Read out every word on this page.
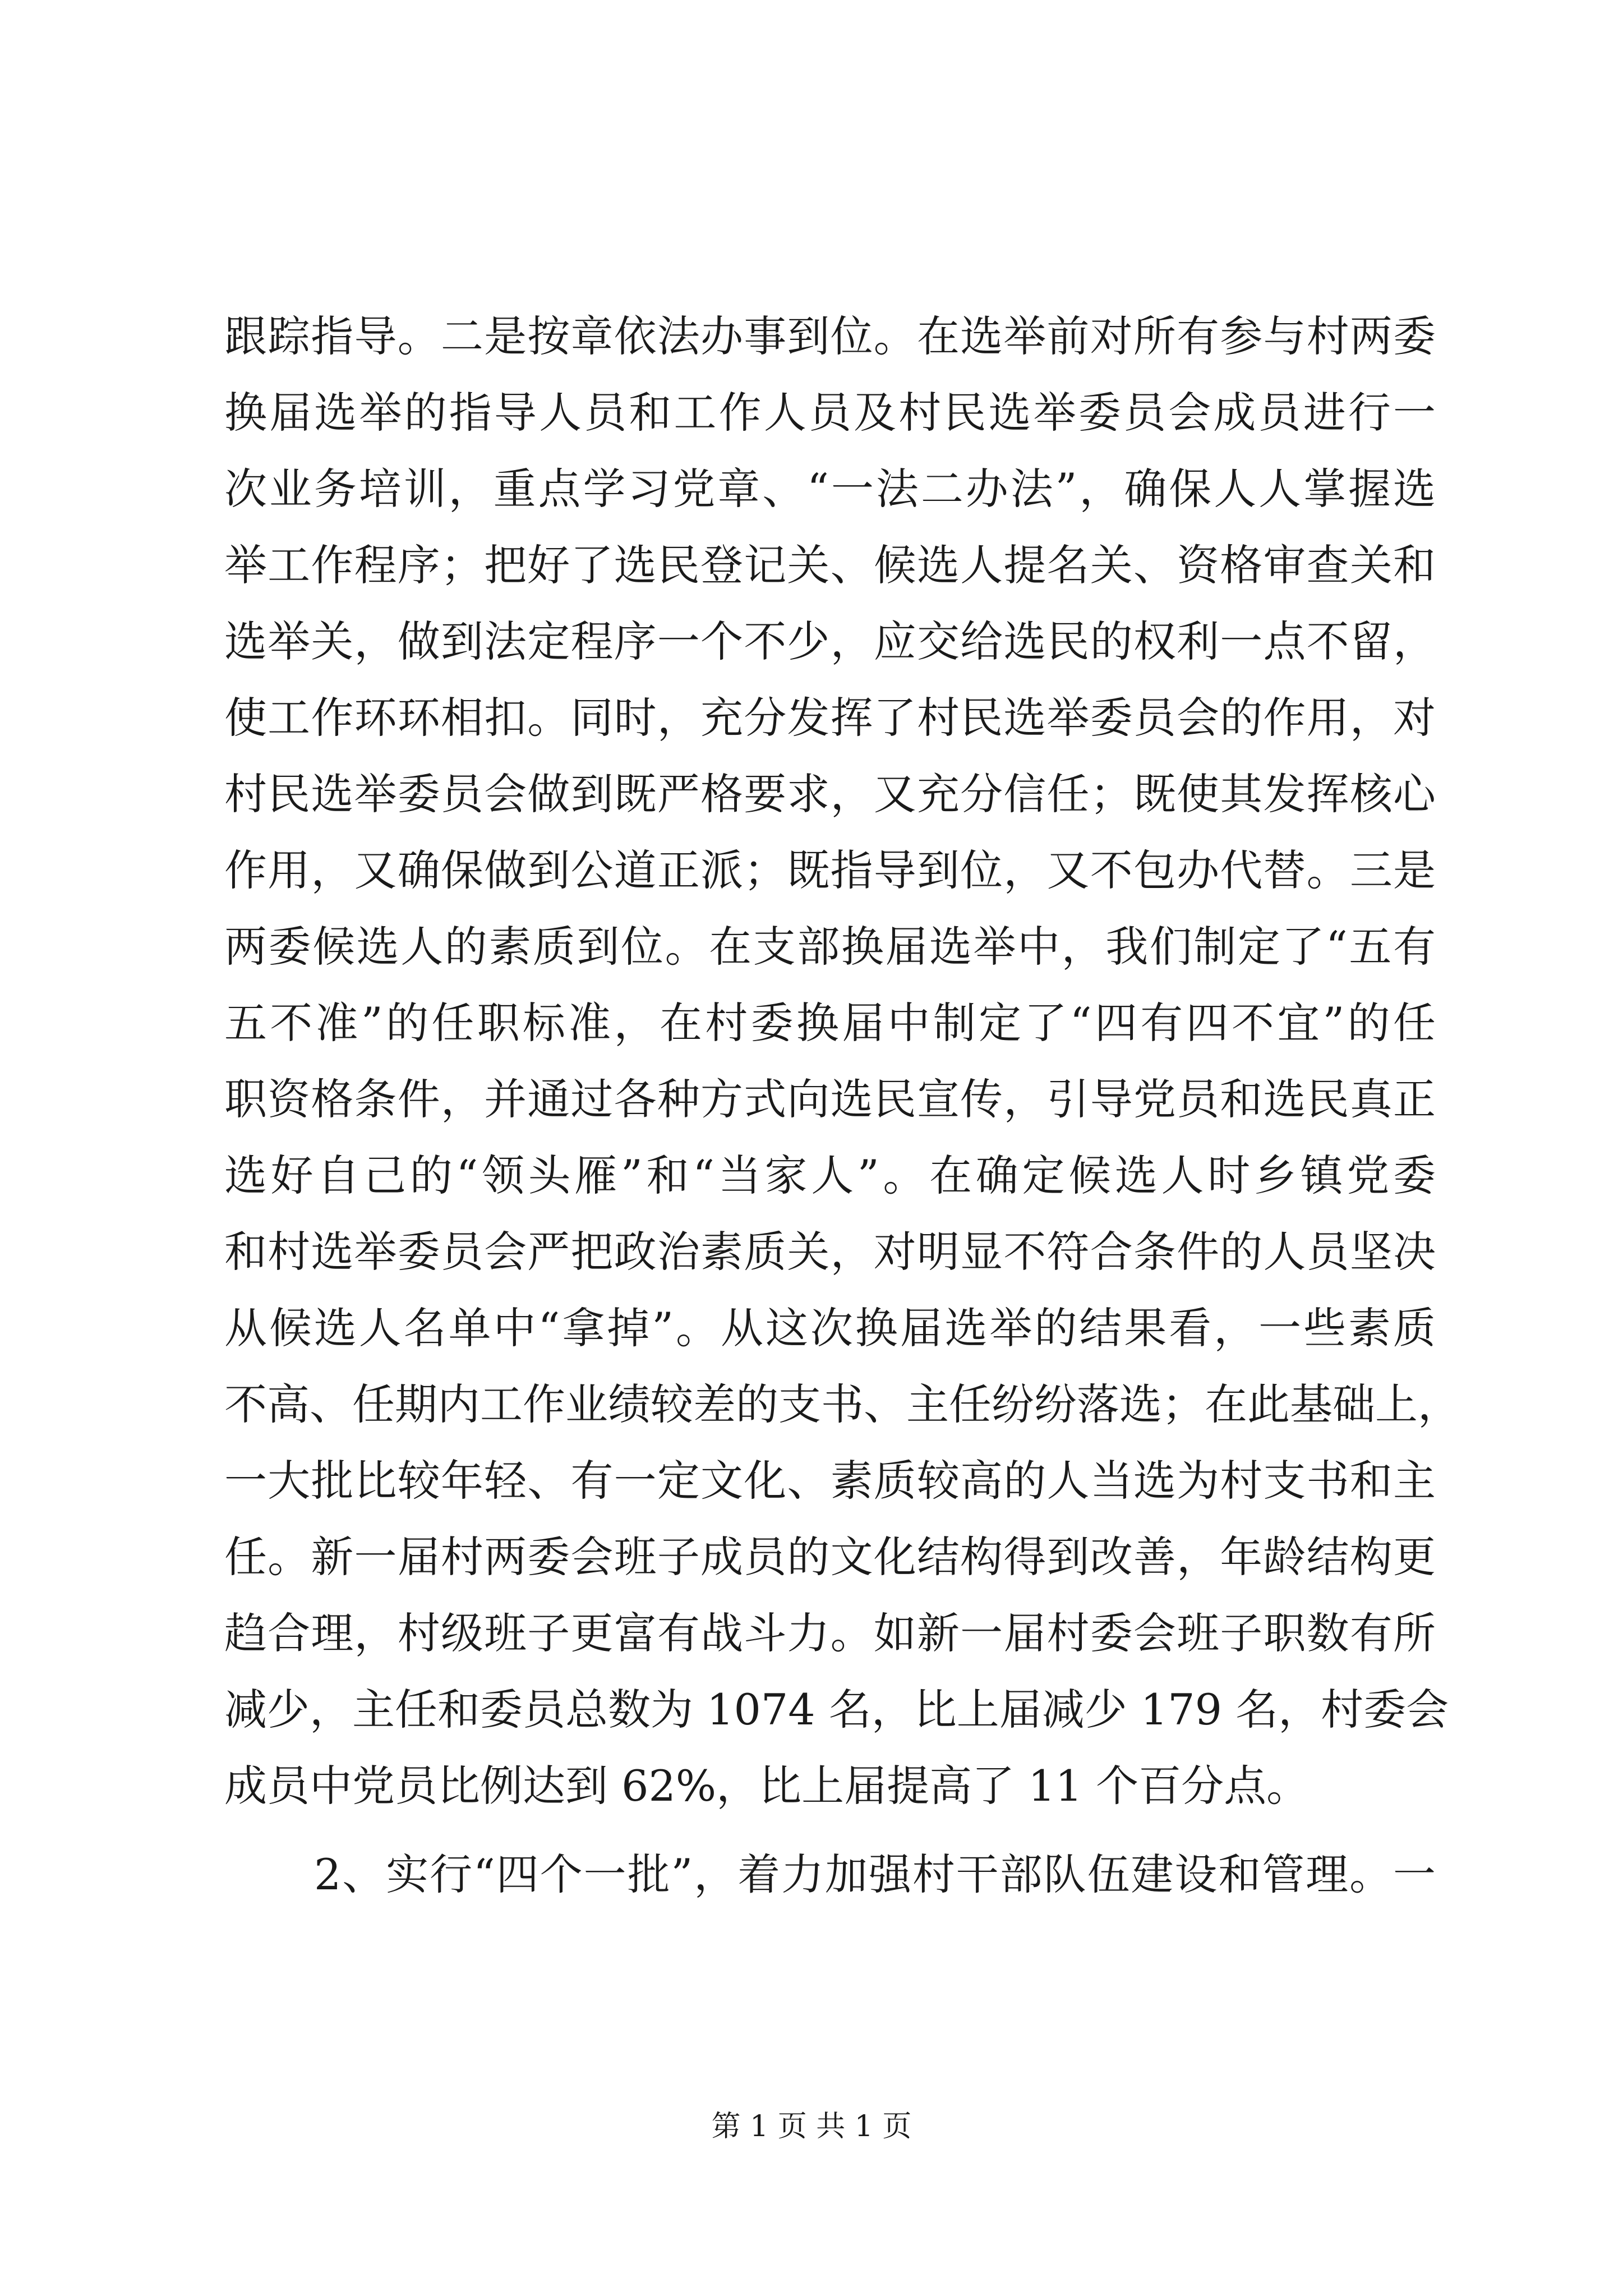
跟踪指导。二是按章依法办事到位。在选举前对所有参与村两委
换届选举的指导人员和工作人员及村民选举委员会成员进行一
次业务培训，重点学习党章、“一法二办法”，确保人人掌握选
举工作程序；把好了选民登记关、候选人提名关、资格审查关和
选举关，做到法定程序一个不少，应交给选民的权利一点不留，
使工作环环相扣。同时，充分发挥了村民选举委员会的作用，对
村民选举委员会做到既严格要求，又充分信任；既使其发挥核心
作用，又确保做到公道正派；既指导到位，又不包办代替。三是
两委候选人的素质到位。在支部换届选举中，我们制定了“五有
五不准”的任职标准，在村委换届中制定了“四有四不宜”的任
职资格条件，并通过各种方式向选民宣传，引导党员和选民真正
选好自己的“领头雁”和“当家人”。在确定候选人时乡镇党委
和村选举委员会严把政治素质关，对明显不符合条件的人员坚决
从候选人名单中“拿掉”。从这次换届选举的结果看，一些素质
不高、任期内工作业绩较差的支书、主任纷纷落选；在此基础上，
一大批比较年轻、有一定文化、素质较高的人当选为村支书和主
任。新一届村两委会班子成员的文化结构得到改善，年龄结构更
趋合理，村级班子更富有战斗力。如新一届村委会班子职数有所
减少，主任和委员总数为 1074 名，比上届减少 179 名，村委会
成员中党员比例达到 62%，比上届提高了 11 个百分点。
2、实行“四个一批”，着力加强村干部队伍建设和管理。一
第 1 页 共 1 页
